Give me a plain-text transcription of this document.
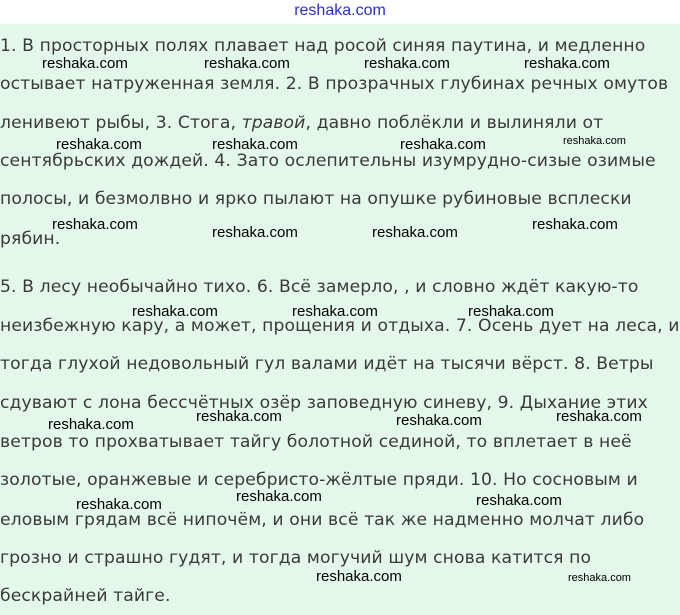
reshaka.com
1. В просторных полях плавает над росой синяя паутина, и медленно
остывает натруженная земля. 2. В прозрачных глубинах речных омутов
ленивеют рыбы, 3. Стога, травой, давно поблёкли и вылиняли от
сентябрьских дождей. 4. Зато ослепительны изумрудно-сизые озимые
полосы, и безмолвно и ярко пылают на опушке рубиновые всплески
рябин.
5. В лесу необычайно тихо. 6. Всё замерло, , и словно ждёт какую-то
неизбежную кару, а может, прощения и отдыха. 7. Осень дует на леса, и
тогда глухой недовольный гул валами идёт на тысячи вёрст. 8. Ветры
сдувают с лона бессчётных озёр заповедную синеву, 9. Дыхание этих
ветров то прохватывает тайгу болотной сединой, то вплетает в неё
золотые, оранжевые и серебристо-жёлтые пряди. 10. Но сосновым и
еловым грядам всё нипочём, и они всё так же надменно молчат либо
грозно и страшно гудят, и тогда могучий шум снова катится по
бескрайней тайге.
reshaka.com	reshaka.com	reshaka.com	reshaka.com
reshaka.com	reshaka.com	reshaka.com	reshaka.com
reshaka.com	reshaka.com	reshaka.com	reshaka.com
reshaka.com	reshaka.com	reshaka.com
reshaka.com	reshaka.com	reshaka.com	reshaka.com
reshaka.com	reshaka.com	reshaka.com
reshaka.com	reshaka.com
